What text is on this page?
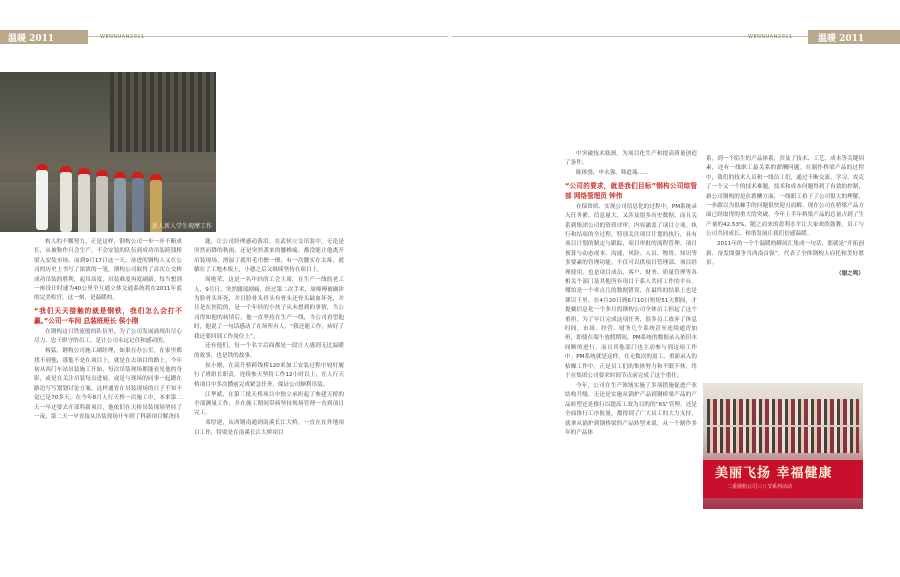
温暖 2011	WENNUAN2011	WENNUAN2011	温暖 2011
新人新人学生观摩工作

构人的不懈努力。正是这样，钢构公司一步一步不断成长，从被称作只会生产，不会安装的队伍到成功吊装跨钱桥梁入安装市场。而到9月17日这一天，奋进的钢构人又在公司的历史上书写了浓浓的一笔，钢构公司取得了首次立交桥成功吊装的胜利，起吊高度，吊装难度再度刷新。每当想到一座设计时速为40公里全互通立体交通系统将在2011年底的完美收宫，这一刻，是温暖的。

“我们天天接触的就是钢铁，我们怎么会打不赢。”公司一车间 总装班班长 侯小刚

在钢构这只铁流般的队伍里，为了公司发展涌现出尽心尽力、忠于职守的员工，是让公司永远记住和感动的。

杨猛，钢构公司施工副经理，如果在办公室，在家里都找不到他，那他不是在项目上，就是在去项目的路上。今年初从西门车站吊装施工开始，每次吊装现场都能看见他的身影，或是在关注吊装每点进展，或是与现场的同事一起蹲在路边写写划划讨论方案，这样通宵在吊装现场的日子不知不觉已是70多天。在今年8月人行天桥一次施工中，本来第二天一早还要去开部科新项目，他依旧在天桥吊装现场坚持了一夜，第二天一早直接从吊装现场开车到了科新项目解决问

题，让公司经理感动落泪。在武侯立交吊装中，无论是突然而降的秋雨，还是突然袭来的腰椎痛，都没能让他离开吊装现场，滑湿了就用毛巾擦一擦，有一次腰实在太疼，就躺在了工地木板上，小憩之后又继续坚持在项目上。

周艳荣，这是一名年轻的工会主席，在生产一线的老工人，9月日，突然腰部剧痛，经过第二次手术，周师傅被确诊为脸骨头坏死，并且脸骨头骨头有骨头还骨头缺血坏死，并且是在医院的，是一个年轻的小伙子从未想到的事情，当公司得知他的病情后，他一直坚持在生产一线，当公司看望他时，他说了一句话感动了在场所有人，“我还能工作，病好了我还要回到工作岗位上”。

还有他们，每一个名字后面都是一段让人感到无比温暖的故事，也是铁的故事。

侯小刚，在高升桥跨线桥120米加工安装过程中较好履行了班组长职责，连续参天坚持工作12小时以上，在人行天桥项目中多次攒前完成紧急任务，保证公司顺利吊装。

江华斌，在第三批天桥项目中独立承担起了参建天桥的全部测量工作，并在施工期间带病坚持现场管理一直到项目完工。

邓厚建，从西钢南通到南溪长江大桥，一直在在外地项目工作，特别是在南溪长江大桥项目

中突破技术瓶颈，为项目化生产和提高质量创造了条件。

陈体骁、申永强、韩道瑞……

“公司的要求，就是我们目标”钢构公司综管部 网络管理员 钟伟

在保资质、实现公司信息化的过程中，PM系统录入任务紧、信息量大，又涉及很多历史数据，而且关系到集团公司的资质评审，内容涵盖了项目立项、执行和结项的全过程，特别关注项目计划的执行，具有项目计划的制定与跟踪，项目审批的流程管理、项目预算与动态成本、沟通、风险、人员、物资、知识等多要素的管理功能。不仅可以供项目管理部、项目经理使用，也是项目成员、客户、财务、质量管理等各相关个部门及其他所有项目干系人共同工作的平台。哪怕是一个零点几的数据错误，在最终的结果上也是谬以千里。在4月20日到6月10日短短51天期间，才提戴信息化一个多月的钢构公司全体员工担起了这个重担，为了早日完成这项任务，很多员工放弃了休息时间，市场、经营、财务几个系统甚至连续通宵加班，即使在端午放假期间，PM系统的数据录入依旧水间断的进行，而且其他部门也主动参与到这项工作中。PM系统就是这样，在无数次的返工、重新录入的枯燥工作中，正是员工们的集体努力和不眠不休，终于在集团公司要求时间节点前完成了这个重任。

今年，公司在生产领域实施了多项措施促进产业结构升级，无论是实施从锅炉产品到钢桥梁产品的产品转型还是推行以提高工效为目的的“6S”管理，还是全面推行工序报量，都得到了广大员工的大力支持，就拿从锅炉到钢桥梁的产品转型来说，从一个制作多年的产品体

系，到一个陌生的产品体系，涉及了技术、工艺、成本等关键因素，还有一线职工最关系的薪酬问题。在制作桥梁产品的过程中，我们的技术人员和一线员工们，通过不断交流、学习、攻克了一个又一个的技术难题，技术和成本问题得到了有效的控制，新公司钢构的是在薪酬方面，一线职工拾子了公司很大的理解，一步跟以为很棘手的问题很快迎刃而解。现在公司在桥梁产品方面已经取得的重大的突破，今年上半年桥梁产品的总量占到了生产量的42.53%，随之而来的盈利水平让大家欢欣鼓舞，员工与公司共同成长，和谐发展让我们倍感温暖。

2011年的一个个温暖的瞬间汇集成一句话，那就是“开拓创新、奋发图强争当西南首强”，代表了全体钢构人肩托和美好愿景。

（谢之鸣）

美丽飞扬 幸福健康
二重钢构公司三八节系列活动
